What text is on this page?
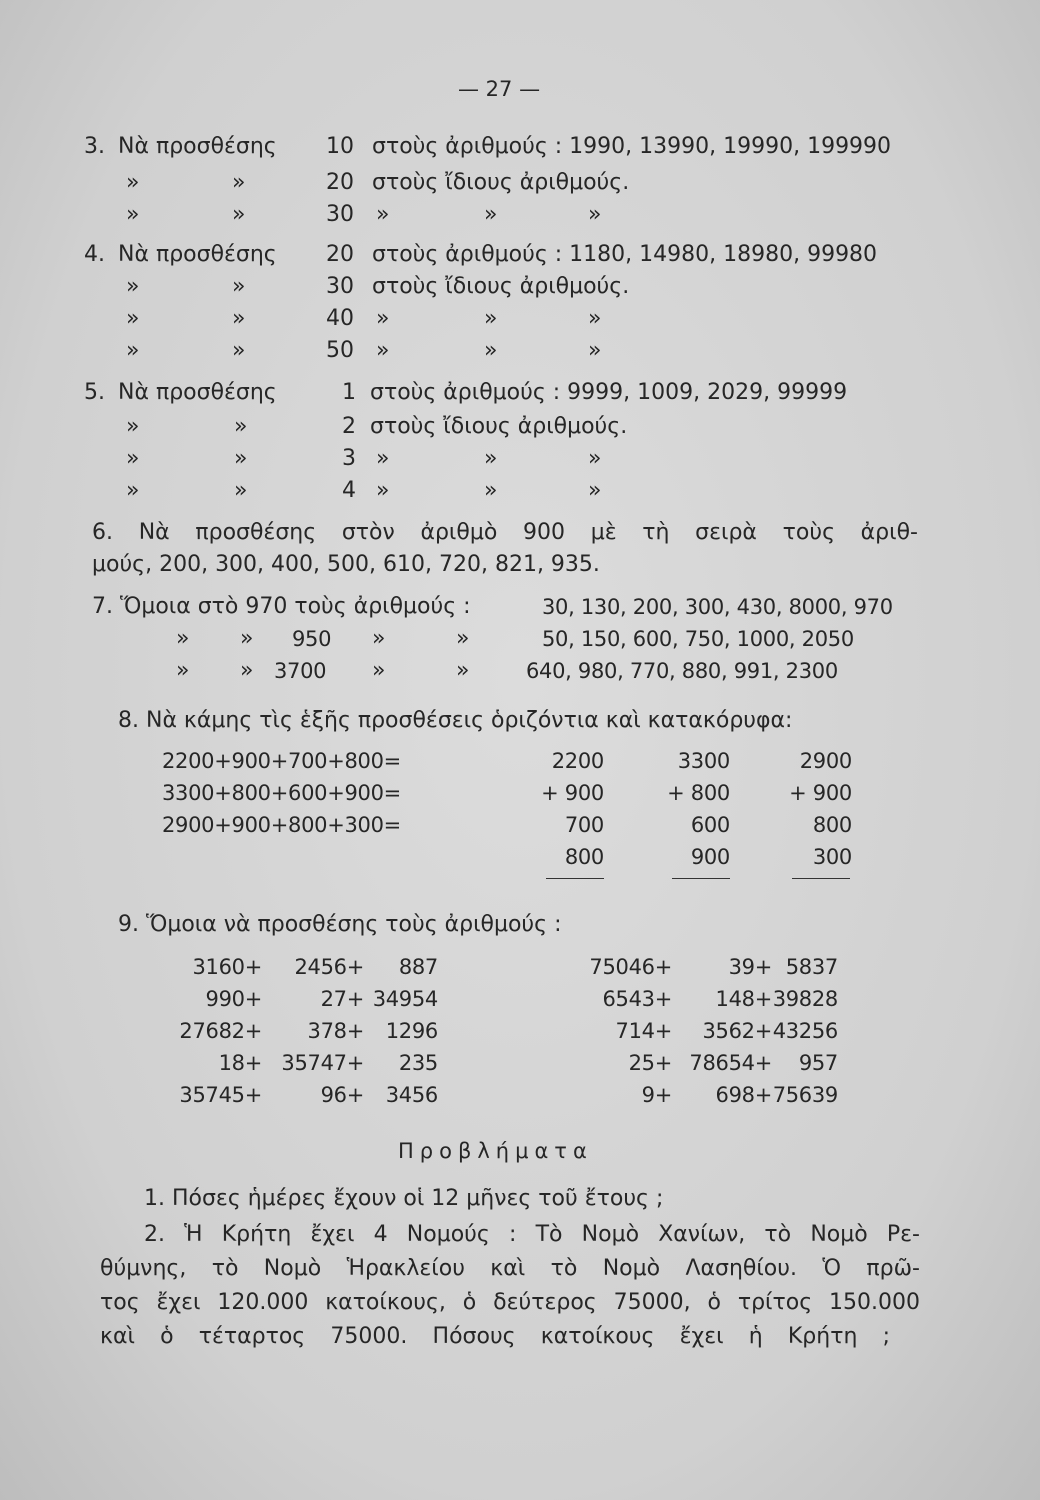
— 27 —
3. Νὰ προσθέσης 10 στοὺς ἀριθμούς : 1990, 13990, 19990, 199990
»	»	20 στοὺς ἴδιους ἀριθμούς.
»	»	30 »	»	»
4. Νὰ προσθέσης 20 στοὺς ἀριθμούς : 1180, 14980, 18980, 99980
»	»	30 στοὺς ἴδιους ἀριθμούς.
»	»	40 »	»	»
»	»	50 »	»	»
5. Νὰ προσθέσης	1 στοὺς ἀριθμούς : 9999, 1009, 2029, 99999
»	»	2 στοὺς ἴδιους ἀριθμούς.
»	»	3 »	»	»
»	»	4 »	»	»
6. Νὰ προσθέσης στὸν ἀριθμὸ 900 μὲ τὴ σειρὰ τοὺς ἀριθ-
μούς, 200, 300, 400, 500, 610, 720, 821, 935.
7. Ὅμοια στὸ 970 τοὺς ἀριθμούς :	30, 130, 200, 300, 430, 8000, 970
» » 950 »	»	50, 150, 600, 750, 1000, 2050
» » 3700 »	»	640, 980, 770, 880, 991, 2300
8. Νὰ κάμης τὶς ἑξῆς προσθέσεις ὁριζόντια καὶ κατακόρυφα:
2200+900+700+800=
3300+800+600+900=
2900+900+800+300=
2200
+ 900
700
800
3300
+ 800
600
900
2900
+ 900
800
300
9. Ὅμοια νὰ προσθέσης τοὺς ἀριθμούς :
3160+	2456+	887
990+	27+ 34954
27682+	378+	1296
18+ 35747+	235
35745+	96+	3456
75046+	39+ 5837
6543+	148+ 39828
714+	3562+ 43256
25+ 78654+	957
9+	698+ 75639
Προβλήματα
1. Πόσες ἡμέρες ἔχουν οἱ 12 μῆνες τοῦ ἔτους ;
2. Ἡ Κρήτη ἔχει 4 Νομούς : Τὸ Νομὸ Χανίων, τὸ Νομὸ Ρε-
θύμνης, τὸ Νομὸ Ἡρακλείου καὶ τὸ Νομὸ Λασηθίου. Ὁ πρῶ-
τος ἔχει 120.000 κατοίκους, ὁ δεύτερος 75000, ὁ τρίτος 150.000
καὶ ὁ τέταρτος 75000. Πόσους κατοίκους ἔχει ἡ Κρήτη ;
